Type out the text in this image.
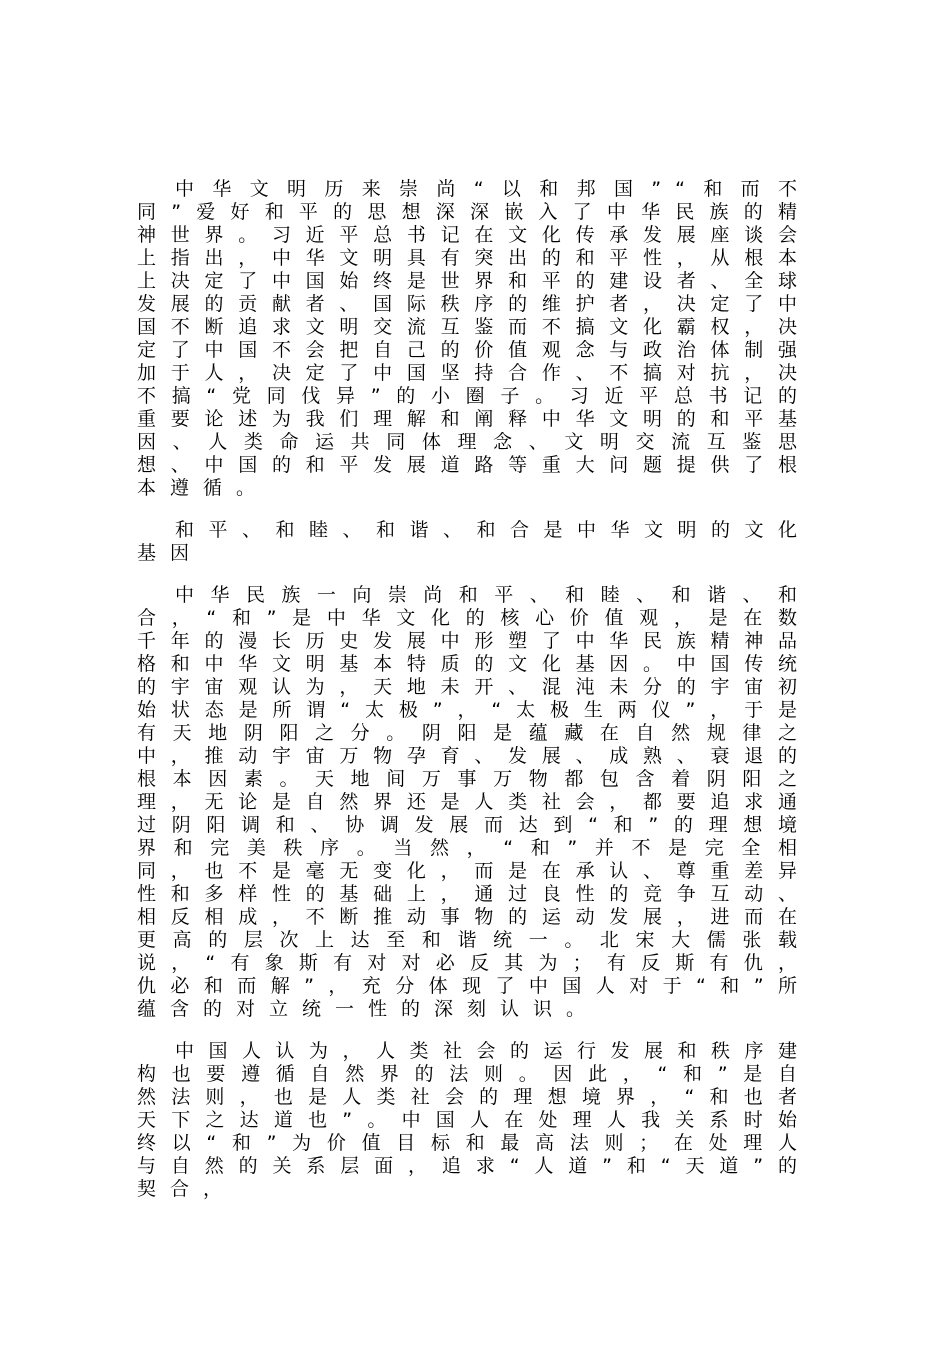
中华文明历来崇尚“以和邦国”“和而不同”爱好和平的思想深深嵌入了中华民族的精神世界。习近平总书记在文化传承发展座谈会上指出，中华文明具有突出的和平性，从根本上决定了中国始终是世界和平的建设者、全球发展的贡献者、国际秩序的维护者，决定了中国不断追求文明交流互鉴而不搞文化霸权，决定了中国不会把自己的价值观念与政治体制强加于人，决定了中国坚持合作、不搞对抗，决不搞“党同伐异”的小圈子。习近平总书记的重要论述为我们理解和阐释中华文明的和平基因、人类命运共同体理念、文明交流互鉴思想、中国的和平发展道路等重大问题提供了根本遵循。

和平、和睦、和谐、和合是中华文明的文化基因

中华民族一向崇尚和平、和睦、和谐、和合，“和”是中华文化的核心价值观，是在数千年的漫长历史发展中形塑了中华民族精神品格和中华文明基本特质的文化基因。中国传统的宇宙观认为，天地未开、混沌未分的宇宙初始状态是所谓“太极”，“太极生两仪”，于是有天地阴阳之分。阴阳是蕴藏在自然规律之中，推动宇宙万物孕育、发展、成熟、衰退的根本因素。天地间万事万物都包含着阴阳之理，无论是自然界还是人类社会，都要追求通过阴阳调和、协调发展而达到“和”的理想境界和完美秩序。当然，“和”并不是完全相同，也不是毫无变化，而是在承认、尊重差异性和多样性的基础上，通过良性的竞争互动、相反相成，不断推动事物的运动发展，进而在更高的层次上达至和谐统一。北宋大儒张载说，“有象斯有对对必反其为；有反斯有仇，仇必和而解”，充分体现了中国人对于“和”所蕴含的对立统一性的深刻认识。

中国人认为，人类社会的运行发展和秩序建构也要遵循自然界的法则。因此，“和”是自然法则，也是人类社会的理想境界，“和也者天下之达道也”。中国人在处理人我关系时始终以“和”为价值目标和最高法则；在处理人与自然的关系层面，追求“人道”和“天道”的契合，
